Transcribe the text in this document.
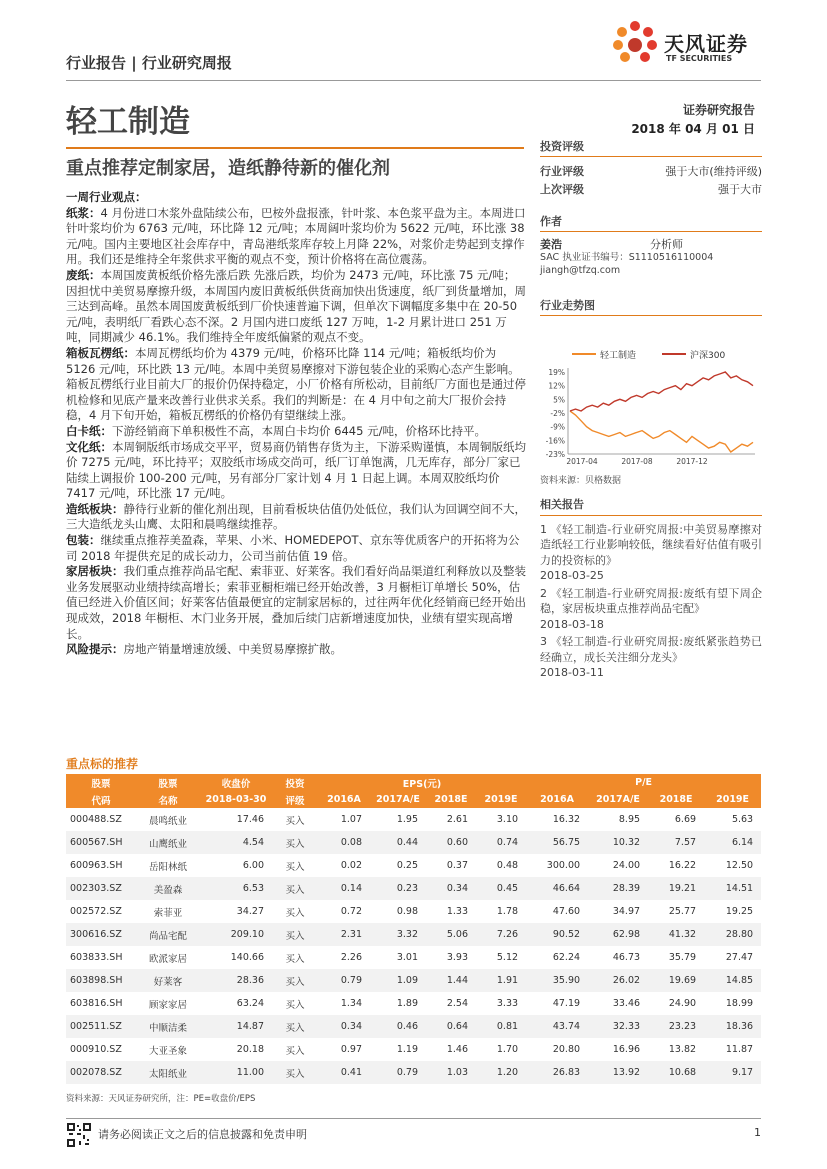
行业报告 | 行业研究周报
天风证券
TF SECURITIES
轻工制造	证券研究报告
2018 年 04 月 01 日
重点推荐定制家居，造纸静待新的催化剂

一周行业观点：

纸浆：4 月份进口木浆外盘陆续公布，巴桉外盘报涨，针叶浆、本色浆平盘为主。本周进口针叶浆均价为 6763 元/吨，环比降 12 元/吨；本周阔叶浆均价为 5622 元/吨，环比涨 38 元/吨。国内主要地区社会库存中，青岛港纸浆库存较上月降 22%，对浆价走势起到支撑作用。我们还是维持全年浆供求平衡的观点不变，预计价格将在高位震荡。

废纸：本周国废黄板纸价格先涨后跌 先涨后跌，均价为 2473 元/吨，环比涨 75 元/吨；因担忧中美贸易摩擦升级，本周国内废旧黄板纸供货商加快出货速度，纸厂到货量增加，周三达到高峰。虽然本周国废黄板纸到厂价快速普遍下调，但单次下调幅度多集中在 20-50 元/吨，表明纸厂看跌心态不深。2 月国内进口废纸 127 万吨，1-2 月累计进口 251 万吨，同期减少 46.1%。我们维持全年废纸偏紧的观点不变。

箱板瓦楞纸：本周瓦楞纸均价为 4379 元/吨，价格环比降 114 元/吨；箱板纸均价为 5126 元/吨，环比跌 13 元/吨。本周中美贸易摩擦对下游包装企业的采购心态产生影响。箱板瓦楞纸行业目前大厂的报价仍保持稳定，小厂价格有所松动，目前纸厂方面也是通过停机检修和见底产量来改善行业供求关系。我们的判断是：在 4 月中旬之前大厂报价会持稳，4 月下旬开始，箱板瓦楞纸的价格仍有望继续上涨。

白卡纸：下游经销商下单积极性不高，本周白卡均价 6445 元/吨，价格环比持平。

文化纸：本周铜版纸市场成交平平，贸易商仍销售存货为主，下游采购谨慎，本周铜版纸均价 7275 元/吨，环比持平；双胶纸市场成交尚可，纸厂订单饱满，几无库存，部分厂家已陆续上调报价 100-200 元/吨，另有部分厂家计划 4 月 1 日起上调。本周双胶纸均价 7417 元/吨，环比涨 17 元/吨。

造纸板块：静待行业新的催化剂出现，目前看板块估值仍处低位，我们认为回调空间不大，三大造纸龙头山鹰、太阳和晨鸣继续推荐。

包装：继续重点推荐美盈森，苹果、小米、HOMEDEPOT、京东等优质客户的开拓将为公司 2018 年提供充足的成长动力，公司当前估值 19 倍。

家居板块：我们重点推荐尚品宅配、索菲亚、好莱客。我们看好尚品渠道红利释放以及整装业务发展驱动业绩持续高增长；索菲亚橱柜端已经开始改善，3 月橱柜订单增长 50%，估值已经进入价值区间；好莱客估值最便宜的定制家居标的，过往两年优化经销商已经开始出现成效，2018 年橱柜、木门业务开展，叠加后续门店新增速度加快，业绩有望实现高增长。

风险提示：房地产销量增速放缓、中美贸易摩擦扩散。

投资评级
行业评级	强于大市(维持评级)
上次评级	强于大市
作者
姜浩	分析师
SAC 执业证书编号：S1110516110004
jiangh@tfzq.com
行业走势图
轻工制造	沪深300
19%
12%
5%
-2%
-9%
-16%
-23%
2017-04	2017-08	2017-12
资料来源：贝格数据
相关报告
1 《轻工制造-行业研究周报:中美贸易摩擦对造纸轻工行业影响较低，继续看好估值有吸引力的投资标的》
2018-03-25
2 《轻工制造-行业研究周报:废纸有望下周企稳，家居板块重点推荐尚品宅配》
2018-03-18
3 《轻工制造-行业研究周报:废纸紧张趋势已经确立，成长关注细分龙头》
2018-03-11
重点标的推荐
股票	股票	收盘价	投资	EPS(元)				P/E			
代码	名称	2018-03-30	评级	2016A	2017A/E	2018E	2019E	2016A	2017A/E	2018E	2019E
000488.SZ	晨鸣纸业	17.46	买入	1.07	1.95	2.61	3.10	16.32	8.95	6.69	5.63
600567.SH	山鹰纸业	4.54	买入	0.08	0.44	0.60	0.74	56.75	10.32	7.57	6.14
600963.SH	岳阳林纸	6.00	买入	0.02	0.25	0.37	0.48	300.00	24.00	16.22	12.50
002303.SZ	美盈森	6.53	买入	0.14	0.23	0.34	0.45	46.64	28.39	19.21	14.51
002572.SZ	索菲亚	34.27	买入	0.72	0.98	1.33	1.78	47.60	34.97	25.77	19.25
300616.SZ	尚品宅配	209.10	买入	2.31	3.32	5.06	7.26	90.52	62.98	41.32	28.80
603833.SH	欧派家居	140.66	买入	2.26	3.01	3.93	5.12	62.24	46.73	35.79	27.47
603898.SH	好莱客	28.36	买入	0.79	1.09	1.44	1.91	35.90	26.02	19.69	14.85
603816.SH	顾家家居	63.24	买入	1.34	1.89	2.54	3.33	47.19	33.46	24.90	18.99
002511.SZ	中顺洁柔	14.87	买入	0.34	0.46	0.64	0.81	43.74	32.33	23.23	18.36
000910.SZ	大亚圣象	20.18	买入	0.97	1.19	1.46	1.70	20.80	16.96	13.82	11.87
002078.SZ	太阳纸业	11.00	买入	0.41	0.79	1.03	1.20	26.83	13.92	10.68	9.17
资料来源：天风证券研究所，注：PE=收盘价/EPS
请务必阅读正文之后的信息披露和免责申明	1
